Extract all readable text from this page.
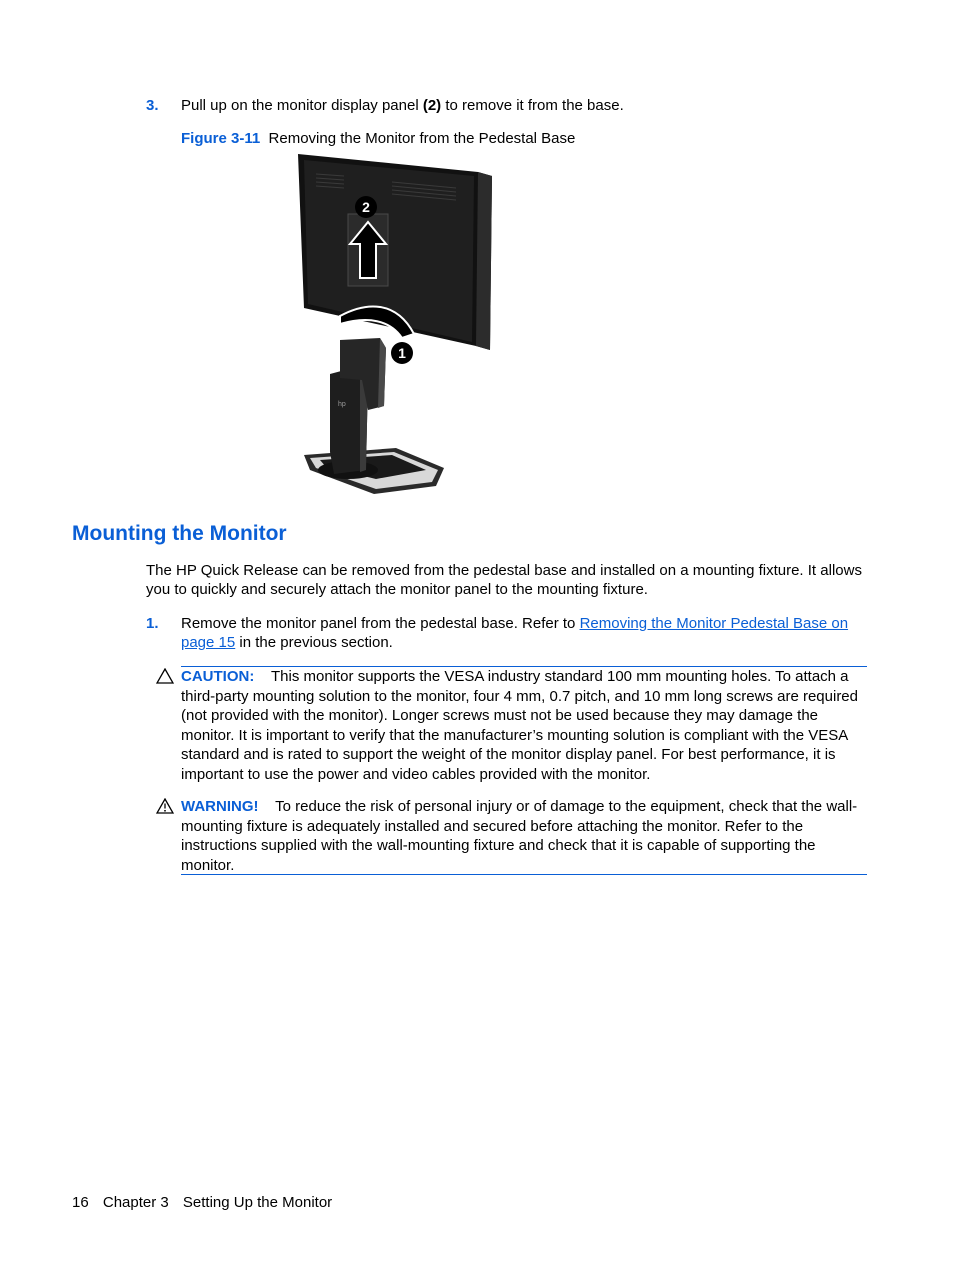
3.	Pull up on the monitor display panel (2) to remove it from the base.
Figure 3-11 Removing the Monitor from the Pedestal Base
hp
2
1
Mounting the Monitor
The HP Quick Release can be removed from the pedestal base and installed on a mounting fixture. It allows you to quickly and securely attach the monitor panel to the mounting fixture.
1. Remove the monitor panel from the pedestal base. Refer to Removing the Monitor Pedestal Base on page 15 in the previous section.
CAUTION: This monitor supports the VESA industry standard 100 mm mounting holes. To attach a third-party mounting solution to the monitor, four 4 mm, 0.7 pitch, and 10 mm long screws are required (not provided with the monitor). Longer screws must not be used because they may damage the monitor. It is important to verify that the manufacturer’s mounting solution is compliant with the VESA standard and is rated to support the weight of the monitor display panel. For best performance, it is important to use the power and video cables provided with the monitor.
WARNING! To reduce the risk of personal injury or of damage to the equipment, check that the wall-mounting fixture is adequately installed and secured before attaching the monitor. Refer to the instructions supplied with the wall-mounting fixture and check that it is capable of supporting the monitor.
16 Chapter 3 Setting Up the Monitor
